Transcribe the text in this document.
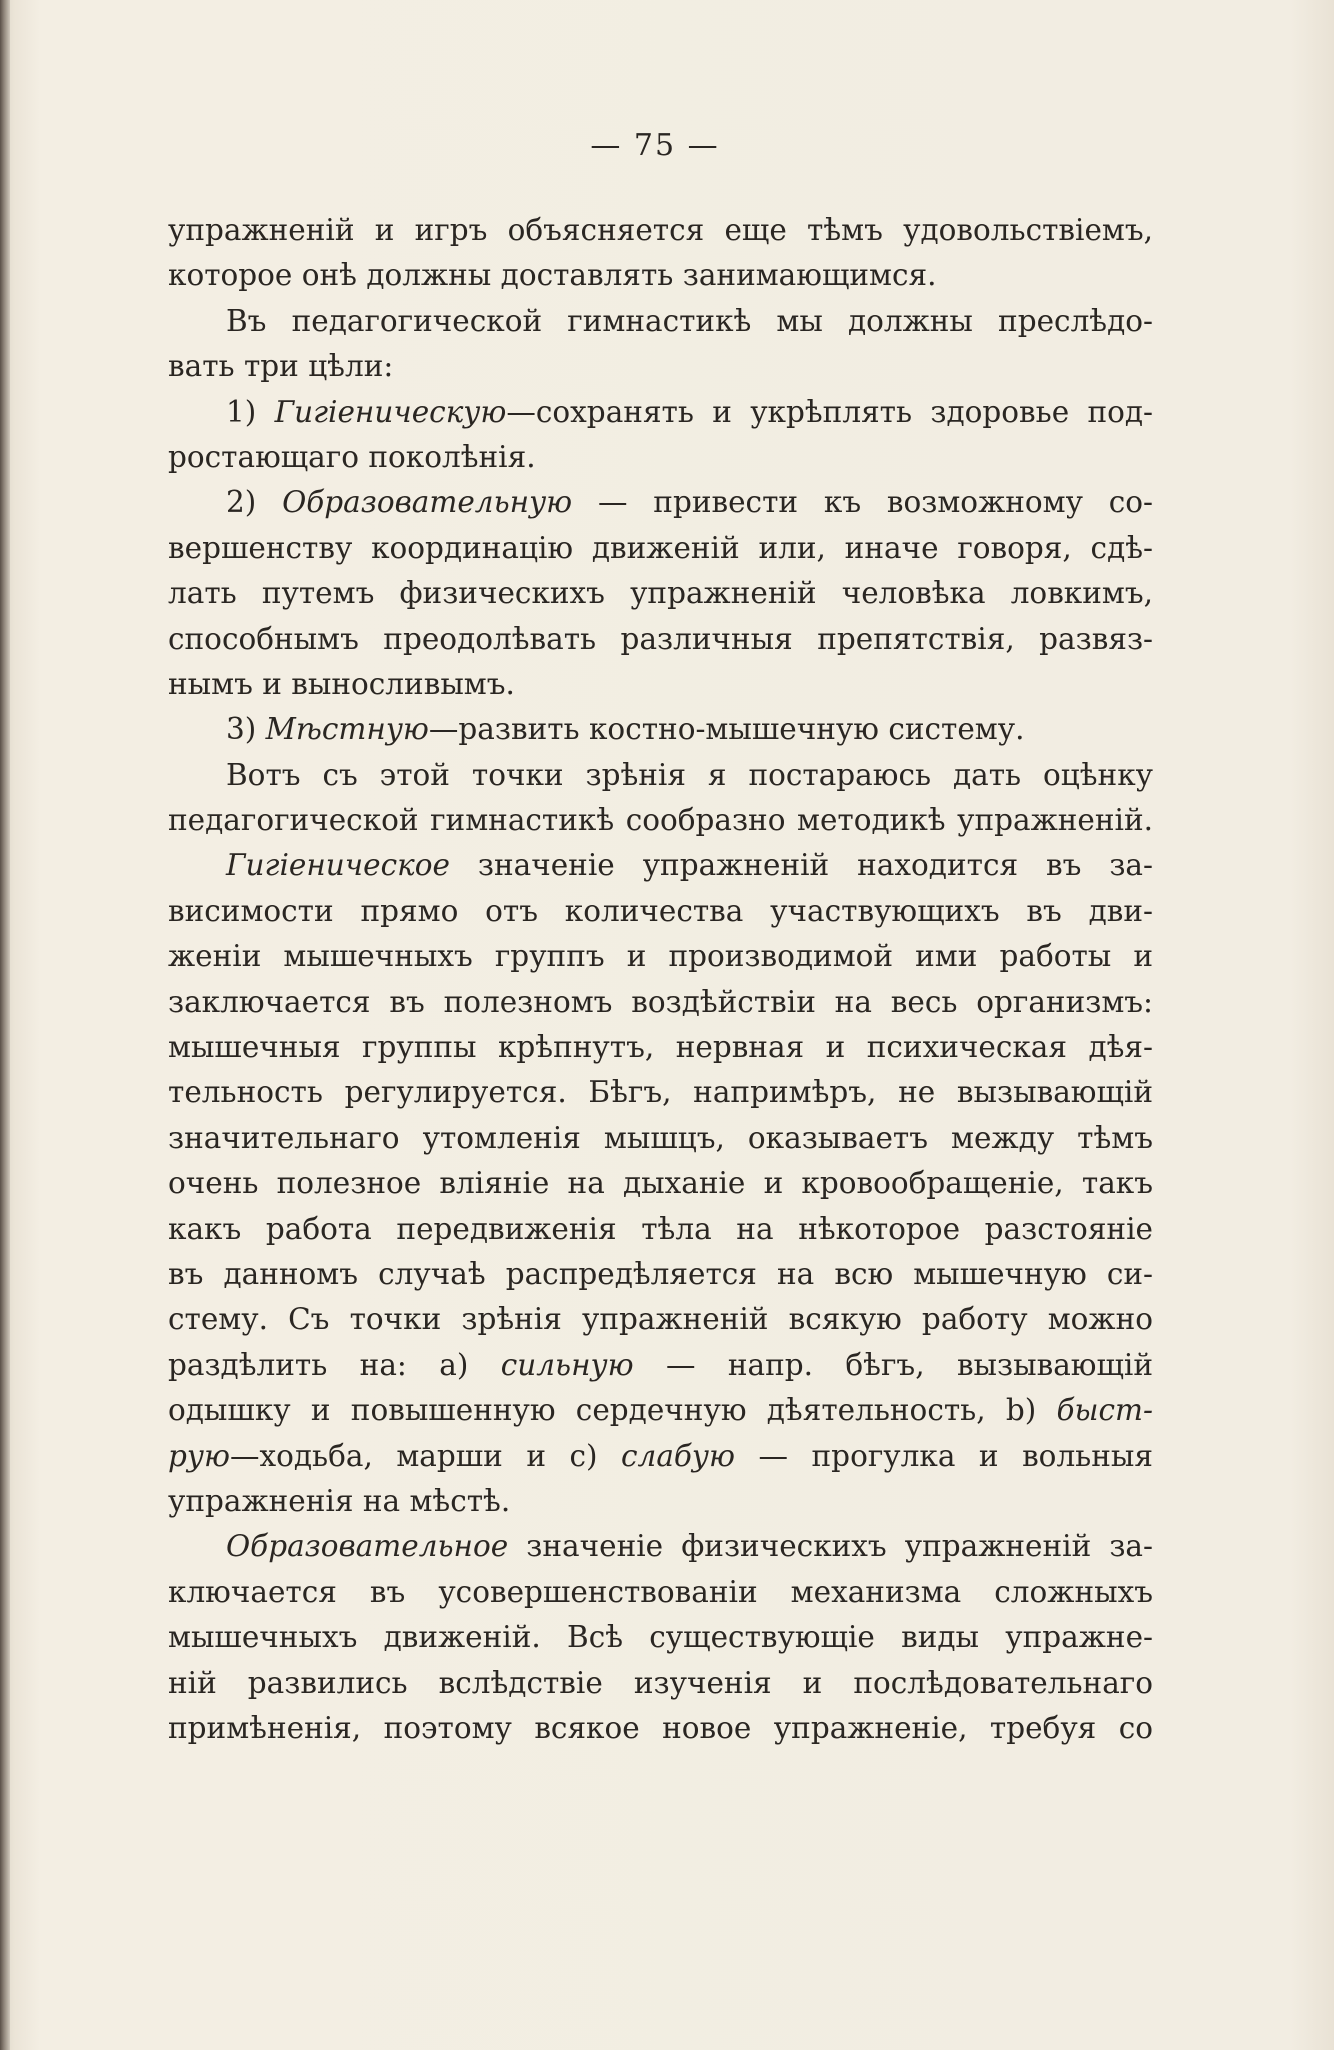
— 75 —
упражненій и игръ объясняется еще тѣмъ удовольствіемъ,
которое онѣ должны доставлять занимающимся.
Въ педагогической гимнастикѣ мы должны преслѣдо-
вать три цѣли:
1) Гигіеническую—сохранять и укрѣплять здоровье под-
ростающаго поколѣнія.
2) Образовательную — привести къ возможному со-
вершенству координацію движеній или, иначе говоря, сдѣ-
лать путемъ физическихъ упражненій человѣка ловкимъ,
способнымъ преодолѣвать различныя препятствія, развяз-
нымъ и выносливымъ.
3) Мѣстную—развить костно-мышечную систему.
Вотъ съ этой точки зрѣнія я постараюсь дать оцѣнку
педагогической гимнастикѣ сообразно методикѣ упражненій.
Гигіеническое значеніе упражненій находится въ за-
висимости прямо отъ количества участвующихъ въ дви-
женіи мышечныхъ группъ и производимой ими работы и
заключается въ полезномъ воздѣйствіи на весь организмъ:
мышечныя группы крѣпнутъ, нервная и психическая дѣя-
тельность регулируется. Бѣгъ, напримѣръ, не вызывающій
значительнаго утомленія мышцъ, оказываетъ между тѣмъ
очень полезное вліяніе на дыханіе и кровообращеніе, такъ
какъ работа передвиженія тѣла на нѣкоторое разстояніе
въ данномъ случаѣ распредѣляется на всю мышечную си-
стему. Съ точки зрѣнія упражненій всякую работу можно
раздѣлить на: a) сильную — напр. бѣгъ, вызывающій
одышку и повышенную сердечную дѣятельность, b) быст-
рую—ходьба, марши и c) слабую — прогулка и вольныя
упражненія на мѣстѣ.
Образовательное значеніе физическихъ упражненій за-
ключается въ усовершенствованіи механизма сложныхъ
мышечныхъ движеній. Всѣ существующіе виды упражне-
ній развились вслѣдствіе изученія и послѣдовательнаго
примѣненія, поэтому всякое новое упражненіе, требуя со
